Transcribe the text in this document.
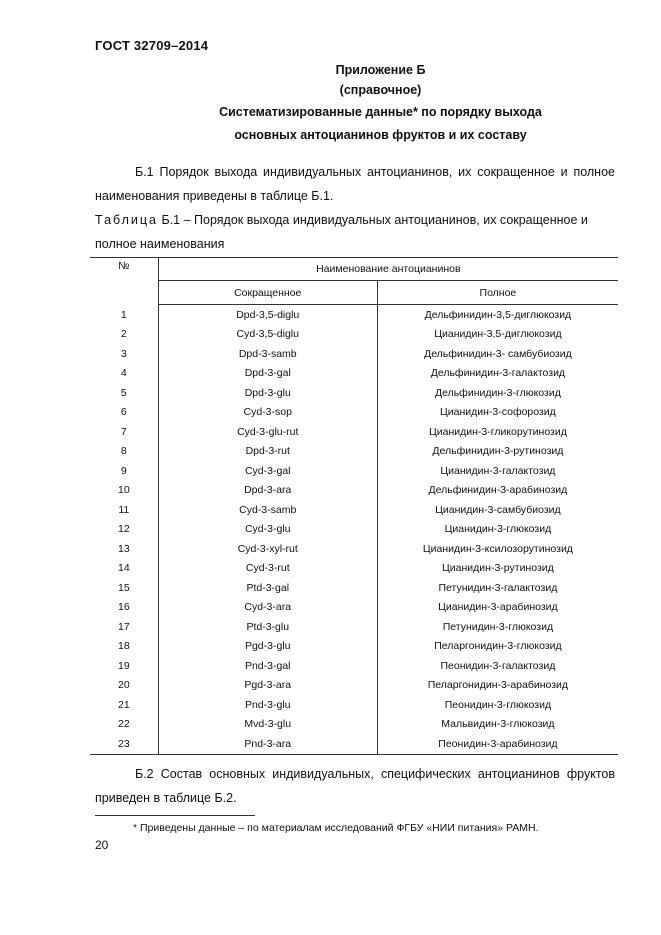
ГОСТ 32709–2014
Приложение Б
(справочное)
Систематизированные данные* по порядку выхода
основных антоцианинов фруктов и их составу
Б.1 Порядок выхода индивидуальных антоцианинов, их сокращенное и полное наименования приведены в таблице Б.1.
Таблица Б.1 – Порядок выхода индивидуальных антоцианинов, их сокращенное и полное наименования
№	Наименование антоцианинов	
	Сокращенное	Полное
1	Dpd-3,5-diglu	Дельфинидин-3,5-диглюкозид
2	Cyd-3,5-diglu	Цианидин-3,5-диглюкозид
3	Dpd-3-samb	Дельфинидин-3- самбубиозид
4	Dpd-3-gal	Дельфинидин-3-галактозид
5	Dpd-3-glu	Дельфинидин-3-глюкозид
6	Cyd-3-sop	Цианидин-3-софорозид
7	Cyd-3-glu-rut	Цианидин-3-гликорутинозид
8	Dpd-3-rut	Дельфинидин-3-рутинозид
9	Cyd-3-gal	Цианидин-3-галактозид
10	Dpd-3-ara	Дельфинидин-3-арабинозид
11	Cyd-3-samb	Цианидин-3-самбубиозид
12	Cyd-3-glu	Цианидин-3-глюкозид
13	Cyd-3-xyl-rut	Цианидин-3-ксилозорутинозид
14	Cyd-3-rut	Цианидин-3-рутинозид
15	Ptd-3-gal	Петунидин-3-галактозид
16	Cyd-3-ara	Цианидин-3-арабинозид
17	Ptd-3-glu	Петунидин-3-глюкозид
18	Pgd-3-glu	Пеларгонидин-3-глюкозид
19	Pnd-3-gal	Пеонидин-3-галактозид
20	Pgd-3-ara	Пеларгонидин-3-арабинозид
21	Pnd-3-glu	Пеонидин-3-глюкозид
22	Mvd-3-glu	Мальвидин-3-глюкозид
23	Pnd-3-ara	Пеонидин-3-арабинозид
Б.2 Состав основных индивидуальных, специфических антоцианинов фруктов приведен в таблице Б.2.
* Приведены данные – по материалам исследований ФГБУ «НИИ питания» РАМН.
20
